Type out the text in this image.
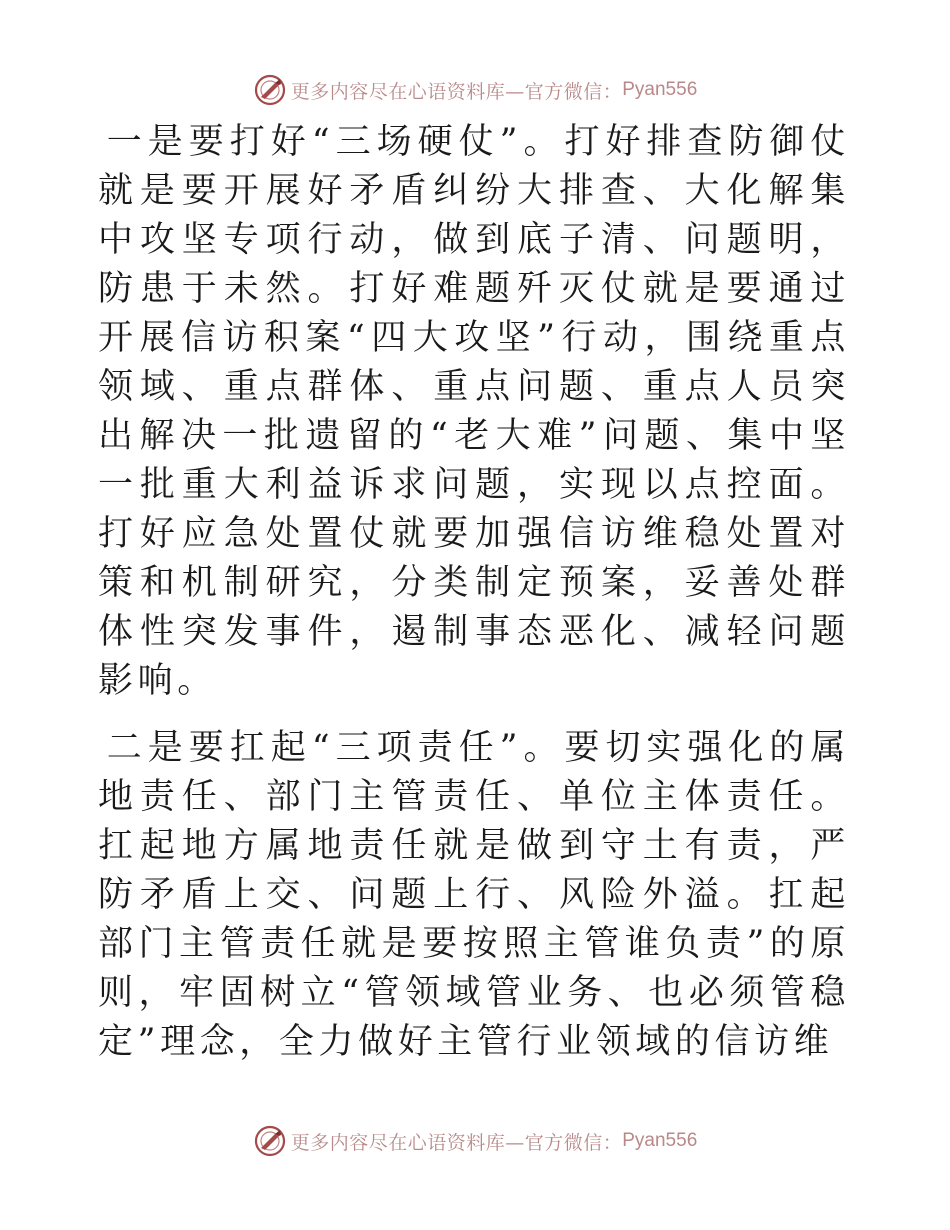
更多内容尽在心语资料库—官方微信： Pyan556

一是要打好“三场硬仗”。打好排查防御仗就是要开展好矛盾纠纷大排查、大化解集中攻坚专项行动，做到底子清、问题明，防患于未然。打好难题歼灭仗就是要通过开展信访积案“四大攻坚”行动，围绕重点领域、重点群体、重点问题、重点人员突出解决一批遗留的“老大难”问题、集中坚一批重大利益诉求问题，实现以点控面。打好应急处置仗就要加强信访维稳处置对策和机制研究，分类制定预案，妥善处群体性突发事件，遏制事态恶化、减轻问题影响。

二是要扛起“三项责任”。要切实强化的属地责任、部门主管责任、单位主体责任。扛起地方属地责任就是做到守土有责，严防矛盾上交、问题上行、风险外溢。扛起部门主管责任就是要按照主管谁负责”的原则，牢固树立“管领域管业务、也必须管稳定”理念，全力做好主管行业领域的信访维

更多内容尽在心语资料库—官方微信： Pyan556
